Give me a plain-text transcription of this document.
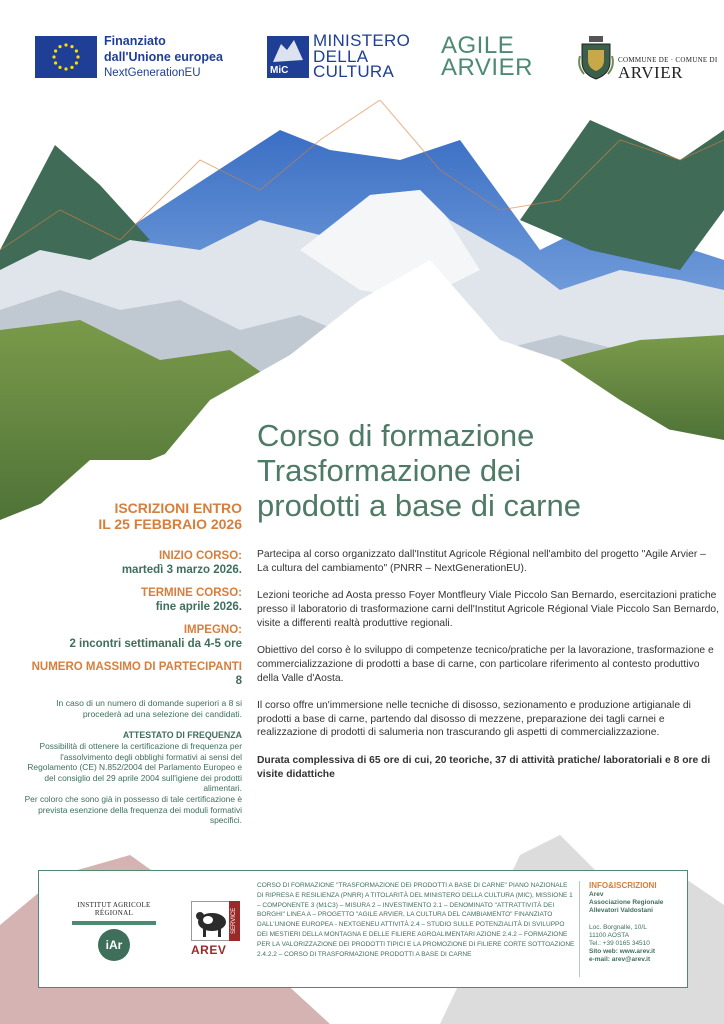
Finanziato
dall'Unione europea
NextGenerationEU	MiC
MINISTERO
DELLA
CULTURA
AGILE
ARVIER	COMMUNE DE · COMUNE DI
ARVIER
Corso di formazione
Trasformazione dei
prodotti a base di carne
ISCRIZIONI ENTRO
IL 25 FEBBRAIO 2026
INIZIO CORSO:
martedì 3 marzo 2026.
TERMINE CORSO:
fine aprile 2026.
IMPEGNO:
2 incontri settimanali da 4-5 ore
NUMERO MASSIMO DI PARTECIPANTI
8
In caso di un numero di domande superiori a 8 si procederà ad una selezione dei candidati.
ATTESTATO DI FREQUENZA
Possibilità di ottenere la certificazione di frequenza per l'assolvimento degli obblighi formativi ai sensi del Regolamento (CE) N.852/2004 del Parlamento Europeo e del consiglio del 29 aprile 2004 sull'igiene dei prodotti alimentari.
Per coloro che sono già in possesso di tale certificazione è prevista esenzione della frequenza dei moduli formativi specifici.

Partecipa al corso organizzato dall'Institut Agricole Régional nell'ambito del progetto "Agile Arvier – La cultura del cambiamento" (PNRR – NextGenerationEU).

Lezioni teoriche ad Aosta presso Foyer Montfleury Viale Piccolo San Bernardo, esercitazioni pratiche presso il laboratorio di trasformazione carni dell'Institut Agricole Régional Viale Piccolo San Bernardo, visite a differenti realtà produttive regionali.

Obiettivo del corso è lo sviluppo di competenze tecnico/pratiche per la lavorazione, trasformazione e commercializzazione di prodotti a base di carne, con particolare riferimento al contesto produttivo della Valle d'Aosta.

Il corso offre un'immersione nelle tecniche di disosso, sezionamento e produzione artigianale di prodotti a base di carne, partendo dal disosso di mezzene, preparazione dei tagli carnei e realizzazione di prodotti di salumeria non trascurando gli aspetti di commercializzazione.

Durata complessiva di 65 ore di cui, 20 teoriche, 37 di attività pratiche/ laboratoriali e 8 ore di visite didattiche

INSTITUT AGRICOLE RÉGIONAL
iAr
SERVICE
AREV
CORSO DI FORMAZIONE "TRASFORMAZIONE DEI PRODOTTI A BASE DI CARNE" PIANO NAZIONALE DI RIPRESA E RESILIENZA (PNRR) A TITOLARITÀ DEL MINISTERO DELLA CULTURA (MIC), MISSIONE 1 – COMPONENTE 3 (M1C3) – MISURA 2 – INVESTIMENTO 2.1 – DENOMINATO "ATTRATTIVITÀ DEI BORGHI" LINEA A – PROGETTO "AGILE ARVIER, LA CULTURA DEL CAMBIAMENTO" FINANZIATO DALL'UNIONE EUROPEA - NEXTGENEU ATTIVITÀ 2.4 – STUDIO SULLE POTENZIALITÀ DI SVILUPPO DEI MESTIERI DELLA MONTAGNA E DELLE FILIERE AGROALIMENTARI AZIONE 2.4.2 – FORMAZIONE PER LA VALORIZZAZIONE DEI PRODOTTI TIPICI E LA PROMOZIONE DI FILIERE CORTE SOTTOAZIONE 2.4.2.2 – CORSO DI TRASFORMAZIONE PRODOTTI A BASE DI CARNE
INFO&ISCRIZIONI
Arev
Associazione Regionale
Allevatori Valdostani
Loc. Borgnalle, 10/L
11100 AOSTA
Tel.: +39 0165 34510
Sito web: www.arev.it
e-mail: arev@arev.it
